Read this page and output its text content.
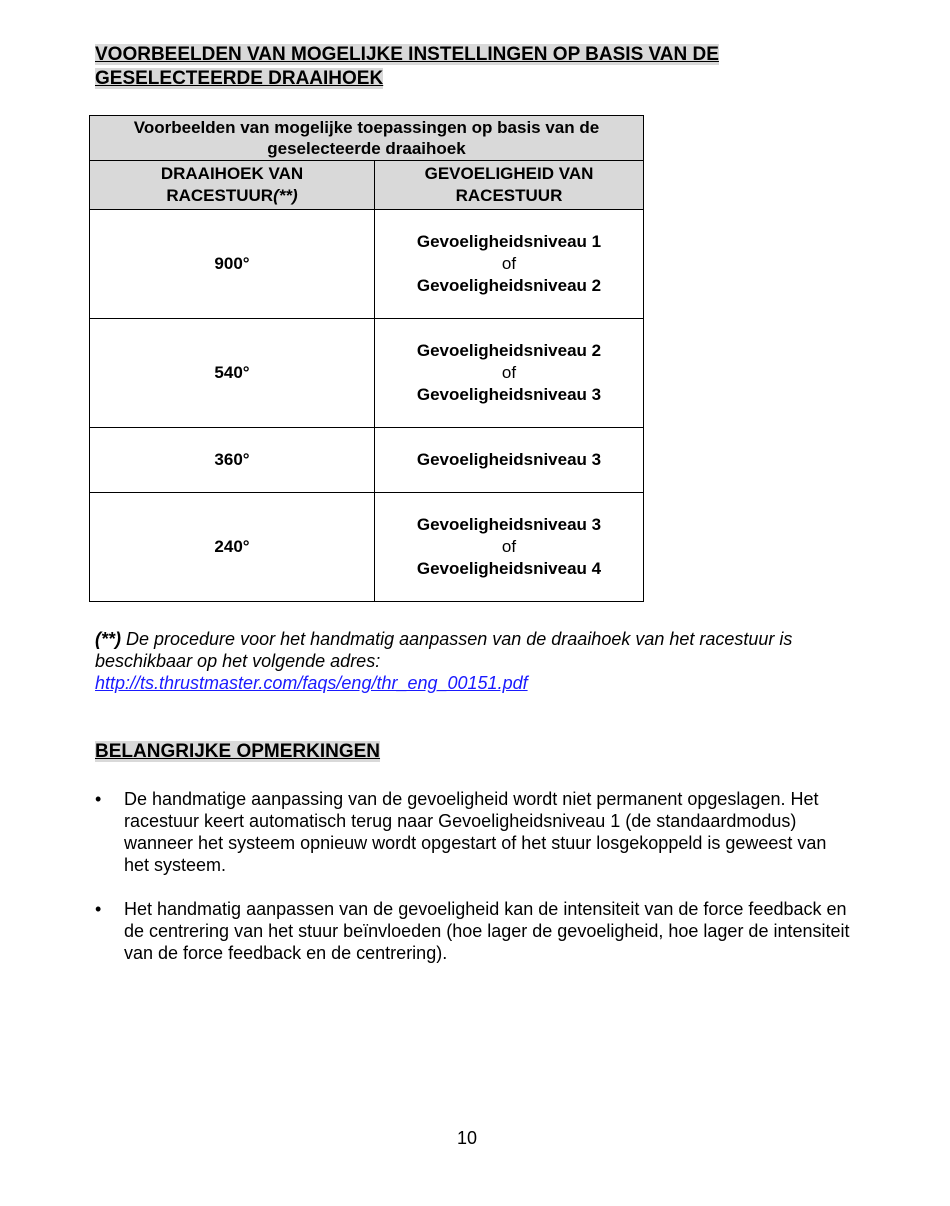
VOORBEELDEN VAN MOGELIJKE INSTELLINGEN OP BASIS VAN DE GESELECTEERDE DRAAIHOEK
Voorbeelden van mogelijke toepassingen op basis van de geselecteerde draaihoek	
DRAAIHOEK VAN RACESTUUR(**)	GEVOELIGHEID VAN RACESTUUR
900°	Gevoeligheidsniveau 1
of
Gevoeligheidsniveau 2

540°	Gevoeligheidsniveau 2
of
Gevoeligheidsniveau 3

360°	Gevoeligheidsniveau 3

240°	Gevoeligheidsniveau 3
of
Gevoeligheidsniveau 4
(**) De procedure voor het handmatig aanpassen van de draaihoek van het racestuur is beschikbaar op het volgende adres:
http://ts.thrustmaster.com/faqs/eng/thr_eng_00151.pdf
BELANGRIJKE OPMERKINGEN
• De handmatige aanpassing van de gevoeligheid wordt niet permanent opgeslagen. Het racestuur keert automatisch terug naar Gevoeligheidsniveau 1 (de standaardmodus) wanneer het systeem opnieuw wordt opgestart of het stuur losgekoppeld is geweest van het systeem.
• Het handmatig aanpassen van de gevoeligheid kan de intensiteit van de force feedback en de centrering van het stuur beïnvloeden (hoe lager de gevoeligheid, hoe lager de intensiteit van de force feedback en de centrering).
10
